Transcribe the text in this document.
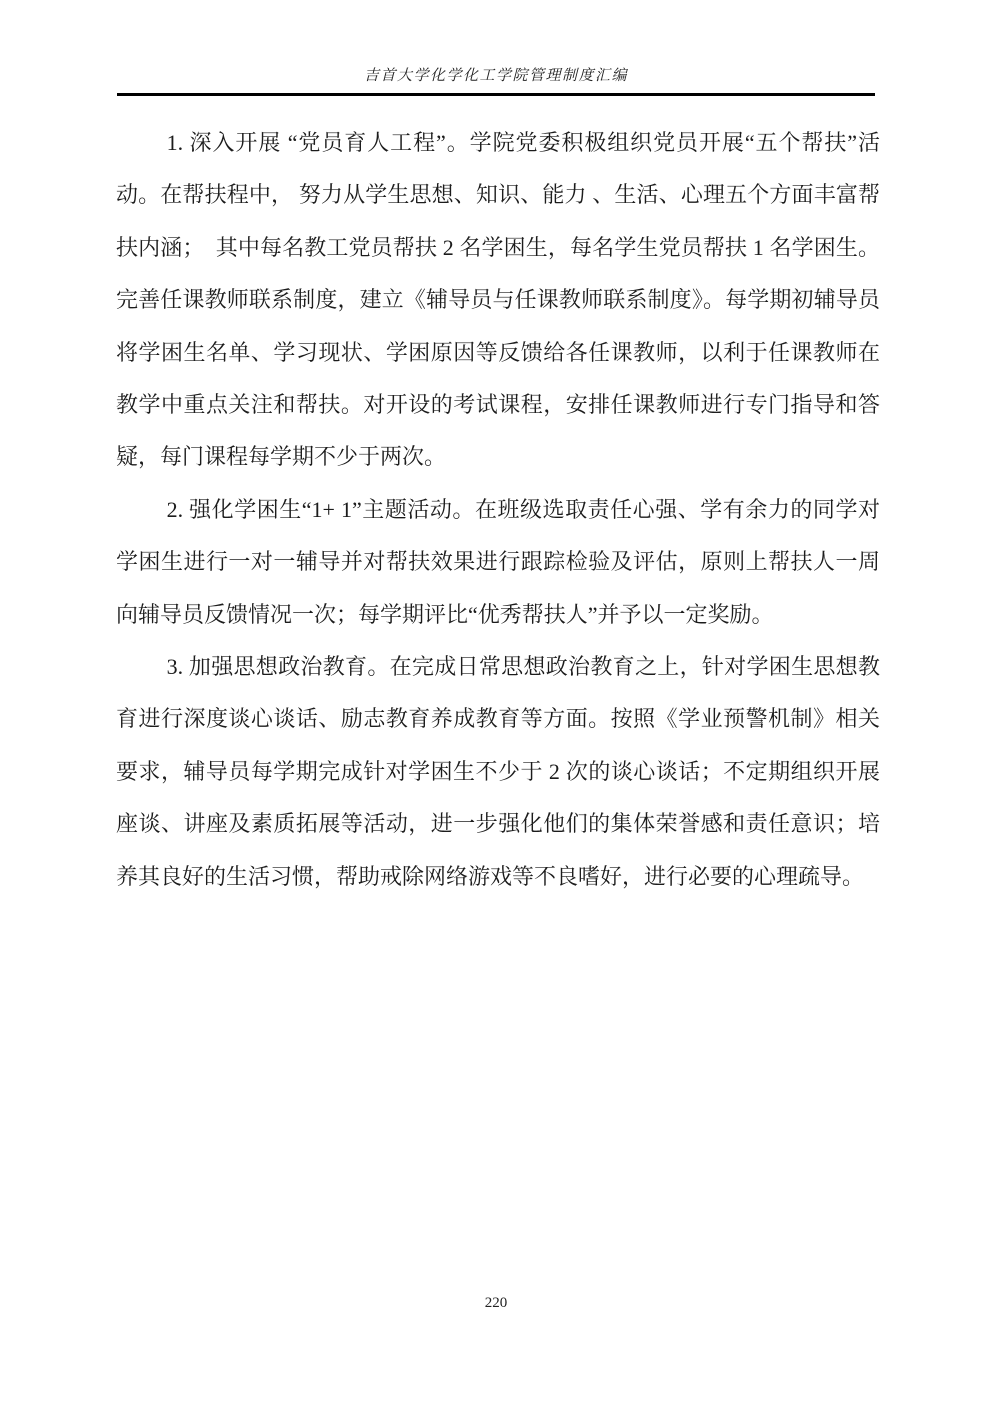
吉首大学化学化工学院管理制度汇编

1. 深入开展 “党员育人工程”。学院党委积极组织党员开展“五个帮扶”活动。在帮扶程中， 努力从学生思想、知识、能力 、生活、心理五个方面丰富帮扶内涵；　其中每名教工党员帮扶 2 名学困生，每名学生党员帮扶 1 名学困生。完善任课教师联系制度，建立《辅导员与任课教师联系制度》。每学期初辅导员将学困生名单、学习现状、学困原因等反馈给各任课教师，以利于任课教师在教学中重点关注和帮扶。对开设的考试课程，安排任课教师进行专门指导和答疑，每门课程每学期不少于两次。

2. 强化学困生“1+ 1”主题活动。在班级选取责任心强、学有余力的同学对学困生进行一对一辅导并对帮扶效果进行跟踪检验及评估，原则上帮扶人一周向辅导员反馈情况一次；每学期评比“优秀帮扶人”并予以一定奖励。

3. 加强思想政治教育。在完成日常思想政治教育之上，针对学困生思想教育进行深度谈心谈话、励志教育养成教育等方面。按照《学业预警机制》相关要求，辅导员每学期完成针对学困生不少于 2 次的谈心谈话；不定期组织开展座谈、讲座及素质拓展等活动，进一步强化他们的集体荣誉感和责任意识；培养其良好的生活习惯，帮助戒除网络游戏等不良嗜好，进行必要的心理疏导。

220
